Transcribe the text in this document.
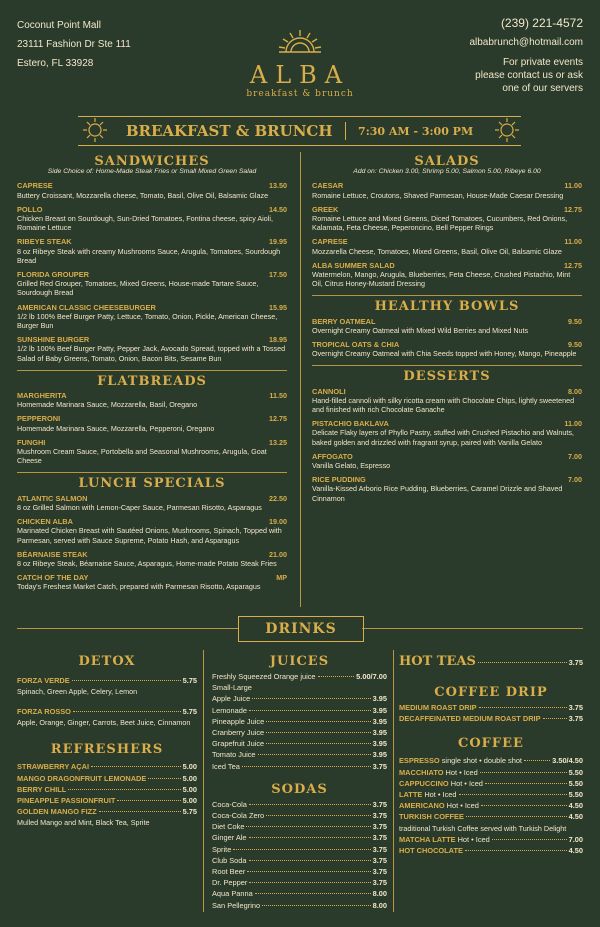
Coconut Point Mall
23111 Fashion Dr Ste 111
Estero, FL 33928
(239) 221-4572
albabrunch@hotmail.com
For private events
please contact us or ask
one of our servers
ALBA
breakfast & brunch
BREAKFAST & BRUNCH 7:30 AM - 3:00 PM
SANDWICHES
Side Choice of: Home-Made Steak Fries or Small Mixed Green Salad
CAPRESE	13.50
Buttery Croissant, Mozzarella cheese, Tomato, Basil, Olive Oil, Balsamic Glaze
POLLO	14.50
Chicken Breast on Sourdough, Sun-Dried Tomatoes, Fontina cheese, spicy Aioli, Romaine Lettuce
RIBEYE STEAK	19.95
8 oz Ribeye Steak with creamy Mushrooms Sauce, Arugula, Tomatoes, Sourdough Bread
FLORIDA GROUPER	17.50
Grilled Red Grouper, Tomatoes, Mixed Greens, House-made Tartare Sauce, Sourdough Bread
AMERICAN CLASSIC CHEESEBURGER	15.95
1/2 lb 100% Beef Burger Patty, Lettuce, Tomato, Onion, Pickle, American Cheese, Burger Bun
SUNSHINE BURGER	18.95
1/2 lb 100% Beef Burger Patty, Pepper Jack, Avocado Spread, topped with a Tossed Salad of Baby Greens, Tomato, Onion, Bacon Bits, Sesame Bun
FLATBREADS
MARGHERITA	11.50
Homemade Marinara Sauce, Mozzarella, Basil, Oregano
PEPPERONI	12.75
Homemade Marinara Sauce, Mozzarella, Pepperoni, Oregano
FUNGHI	13.25
Mushroom Cream Sauce, Portobella and Seasonal Mushrooms, Arugula, Goat Cheese
LUNCH SPECIALS
ATLANTIC SALMON	22.50
8 oz Grilled Salmon with Lemon-Caper Sauce, Parmesan Risotto, Asparagus
CHICKEN ALBA	19.00
Marinated Chicken Breast with Sautéed Onions, Mushrooms, Spinach, Topped with Parmesan, served with Sauce Supreme, Potato Hash, and Asparagus
BÉARNAISE STEAK	21.00
8 oz Ribeye Steak, Béarnaise Sauce, Asparagus, Home-made Potato Steak Fries
CATCH OF THE DAY	MP
Today's Freshest Market Catch, prepared with Parmesan Risotto, Asparagus
SALADS
Add on: Chicken 3.00, Shrimp 5.00, Salmon 5.00, Ribeye 6.00
CAESAR	11.00
Romaine Lettuce, Croutons, Shaved Parmesan, House-Made Caesar Dressing
GREEK	12.75
Romaine Lettuce and Mixed Greens, Diced Tomatoes, Cucumbers, Red Onions, Kalamata, Feta Cheese, Peperoncino, Bell Pepper Rings
CAPRESE	11.00
Mozzarella Cheese, Tomatoes, Mixed Greens, Basil, Olive Oil, Balsamic Glaze
ALBA SUMMER SALAD	12.75
Watermelon, Mango, Arugula, Blueberries, Feta Cheese, Crushed Pistachio, Mint Oil, Citrus Honey-Mustard Dressing
HEALTHY BOWLS
BERRY OATMEAL	9.50
Overnight Creamy Oatmeal with Mixed Wild Berries and Mixed Nuts
TROPICAL OATS & CHIA	9.50
Overnight Creamy Oatmeal with Chia Seeds topped with Honey, Mango, Pineapple
DESSERTS
CANNOLI	8.00
Hand-filled cannoli with silky ricotta cream with Chocolate Chips, lightly sweetened and finished with rich Chocolate Ganache
PISTACHIO BAKLAVA	11.00
Delicate Flaky layers of Phyllo Pastry, stuffed with Crushed Pistachio and Walnuts, baked golden and drizzled with fragrant syrup, paired with Vanilla Gelato
AFFOGATO	7.00
Vanilla Gelato, Espresso
RICE PUDDING	7.00
Vanilla-Kissed Arborio Rice Pudding, Blueberries, Caramel Drizzle and Shaved Cinnamon
DRINKS
DETOX
FORZA VERDE	5.75
Spinach, Green Apple, Celery, Lemon
FORZA ROSSO	5.75
Apple, Orange, Ginger, Carrots, Beet Juice, Cinnamon
REFRESHERS
STRAWBERRY AÇAI	5.00
MANGO DRAGONFRUIT LEMONADE	5.00
BERRY CHILL	5.00
PINEAPPLE PASSIONFRUIT	5.00
GOLDEN MANGO FIZZ	5.75
Mulled Mango and Mint, Black Tea, Sprite
JUICES
Freshly Squeezed Orange juice	5.00/7.00
Small-Large
Apple Juice	3.95
Lemonade	3.95
Pineapple Juice	3.95
Cranberry Juice	3.95
Grapefruit Juice	3.95
Tomato Juice	3.95
Iced Tea	3.75
SODAS
Coca-Cola	3.75
Coca-Cola Zero	3.75
Diet Coke	3.75
Ginger Ale	3.75
Sprite	3.75
Club Soda	3.75
Root Beer	3.75
Dr. Pepper	3.75
Aqua Panna	8.00
San Pellegrino	8.00
HOT TEAS	3.75
COFFEE DRIP
MEDIUM ROAST DRIP	3.75
DECAFFEINATED MEDIUM ROAST DRIP	3.75
COFFEE
ESPRESSO single shot • double shot	3.50/4.50
MACCHIATO Hot • Iced	5.50
CAPPUCCINO Hot • Iced	5.50
LATTE Hot • Iced	5.50
AMERICANO Hot • Iced	4.50
TURKISH COFFEE	4.50
traditional Turkish Coffee served with Turkish Delight
MATCHA LATTE Hot • Iced	7.00
HOT CHOCOLATE	4.50
